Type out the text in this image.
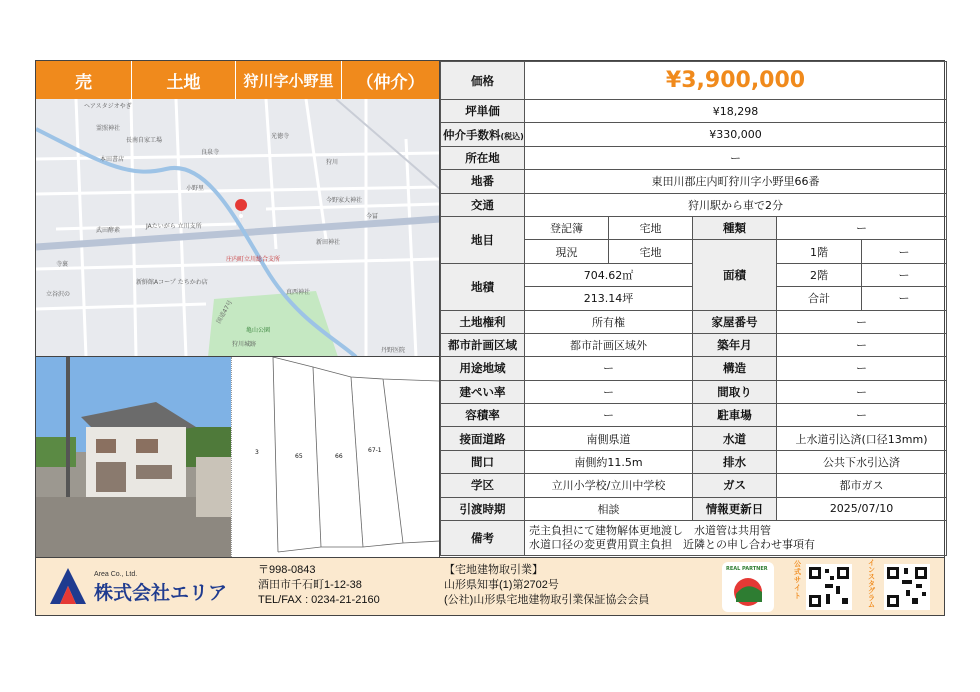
売	土地	狩川字小野里	（仲介）
ヘアスタジオやぎ
霊照神社
長南自家工場
良泉寺
光徳寺
狩川
本田書店
小野里
今野家大神社
JAたいがら 立川支所
武田酵素
今冨
寺裏
庄内町立川総合支所
新田神社
立谷沢の
新鮮館Aコープ たちかわ店
真西神社
亀山公園
狩川城跡
丹野医院
国道47号
3
65	66
67-1
価格	¥3,900,000				
坪単価	¥18,298				
仲介手数料(税込)	¥330,000				
所在地	ー				
地番	東田川郡庄内町狩川字小野里66番				
交通	狩川駅から車で2分				
地目	登記簿	宅地	種類	ー	
	現況	宅地	面積	1階	ー
地積	704.62㎡			2階	ー
	213.14坪			合計	ー
土地権利	所有権		家屋番号	ー	
都市計画区域	都市計画区域外		築年月	ー	
用途地域	ー		構造	ー	
建ぺい率	ー		間取り	ー	
容積率	ー		駐車場	ー	
接面道路	南側県道		水道	上水道引込済(口径13mm)	
間口	南側約11.5m		排水	公共下水引込済	
学区	立川小学校/立川中学校		ガス	都市ガス	
引渡時期	相談		情報更新日	2025/07/10	
備考	売主負担にて建物解体更地渡し　水道管は共用管
水道口径の変更費用買主負担　近隣との申し合わせ事項有				
Area Co., Ltd.
株式会社エリア
〒998-0843
酒田市千石町1-12-38
TEL/FAX : 0234-21-2160
【宅地建物取引業】
山形県知事(1)第2702号
(公社)山形県宅地建物取引業保証協会会員
REAL PARTNER
公式サイト
インスタグラム
